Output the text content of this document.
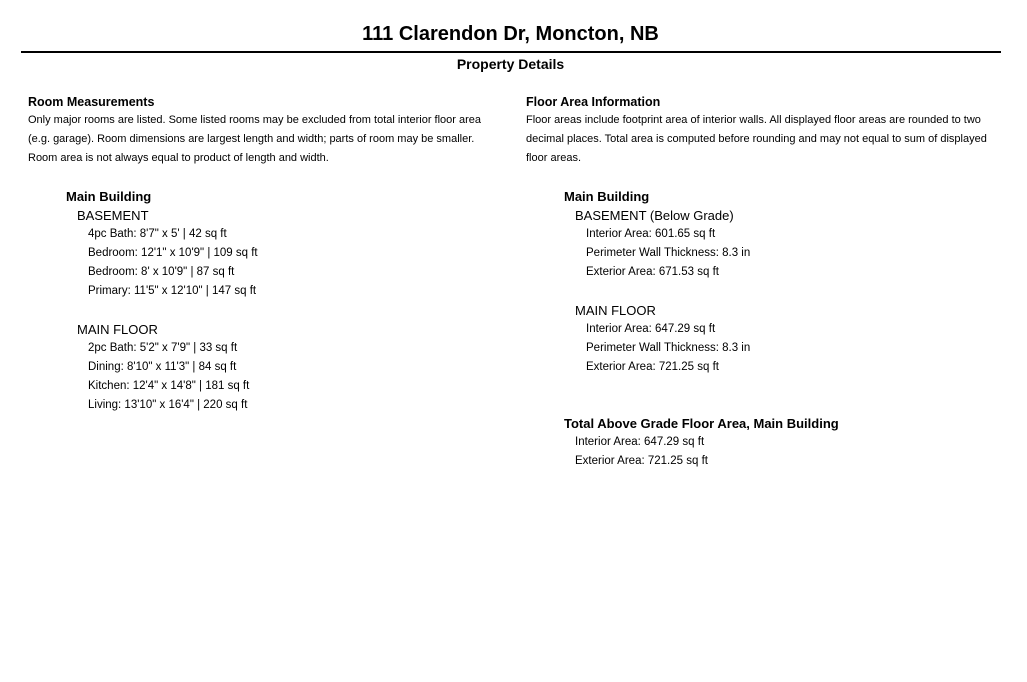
111 Clarendon Dr, Moncton, NB
Property Details
Room Measurements

Only major rooms are listed. Some listed rooms may be excluded from total interior floor area (e.g. garage). Room dimensions are largest length and width; parts of room may be smaller. Room area is not always equal to product of length and width.

Main Building
BASEMENT
4pc Bath: 8'7" x 5' | 42 sq ft
Bedroom: 12'1" x 10'9" | 109 sq ft
Bedroom: 8' x 10'9" | 87 sq ft
Primary: 11'5" x 12'10" | 147 sq ft
MAIN FLOOR
2pc Bath: 5'2" x 7'9" | 33 sq ft
Dining: 8'10" x 11'3" | 84 sq ft
Kitchen: 12'4" x 14'8" | 181 sq ft
Living: 13'10" x 16'4" | 220 sq ft
Floor Area Information

Floor areas include footprint area of interior walls. All displayed floor areas are rounded to two decimal places. Total area is computed before rounding and may not equal to sum of displayed floor areas.

Main Building
BASEMENT (Below Grade)
Interior Area: 601.65 sq ft
Perimeter Wall Thickness: 8.3 in
Exterior Area: 671.53 sq ft
MAIN FLOOR
Interior Area: 647.29 sq ft
Perimeter Wall Thickness: 8.3 in
Exterior Area: 721.25 sq ft
Total Above Grade Floor Area, Main Building
Interior Area: 647.29 sq ft
Exterior Area: 721.25 sq ft
